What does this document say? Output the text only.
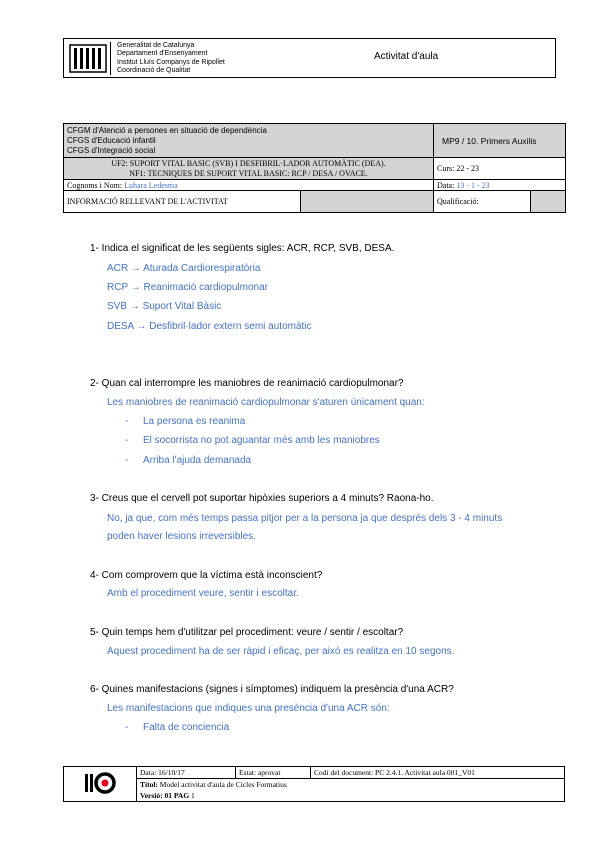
Generalitat de Catalunya
Departament d'Ensenyament
Institut Lluís Companys de Ripollet
Coordinació de Qualitat
Activitat d'aula
CFGM d'Atenció a persones en situació de dependència
CFGS d'Educació infantil
CFGS d'Integració social		MP9 / 10. Primers Auxilis	

UF2: SUPORT VITAL BASIC (SVB) I DESFIBRIL·LADOR AUTOMÀTIC (DEA).
NF1: TECNIQUES DE SUPORT VITAL BASIC: RCP / DESA / OVACE.		Curs: 22 - 23	
Cognoms i Nom: Luhara Ledesma		Data: 13 - 1 - 23	
INFORMACIÓ RELLEVANT DE L'ACTIVITAT		Qualificació:	
1- Indica el significat de les següents sigles: ACR, RCP, SVB, DESA.
ACR → Aturada Cardiorespiratòria
RCP → Reanimació cardiopulmonar
SVB → Suport Vital Bàsic
DESA → Desfibril·lador extern semi automàtic
2- Quan cal interrompre les maniobres de reanimació cardiopulmonar?
Les maniobres de reanimació cardiopulmonar s'aturen únicament quan:
- La persona es reanima
- El socorrista no pot aguantar més amb les maniobres
- Arriba l'ajuda demanada
3- Creus que el cervell pot suportar hipòxies superiors a 4 minuts? Raona-ho.
No, ja que, com més temps passa pitjor per a la persona ja que després dels 3 - 4 minuts
poden haver lesions irreversibles.
4- Com comprovem que la víctima està inconscient?
Amb el procediment veure, sentir i escoltar.
5- Quin temps hem d'utilitzar pel procediment: veure / sentir / escoltar?
Aquest procediment ha de ser ràpid i eficaç, per això es realitza en 10 segons.
6- Quines manifestacions (signes i símptomes) indiquem la presència d'una ACR?
Les manifestacions que indiques una presència d'una ACR són:
- Falta de conciencia
	Data: 16/10/17	Estat: aprovat	Codi del document: PC 2.4.1. Activitat aula 001_V01
Títol: Model activitat d'aula de Cicles Formatius
Versió: 01 PAG 1
